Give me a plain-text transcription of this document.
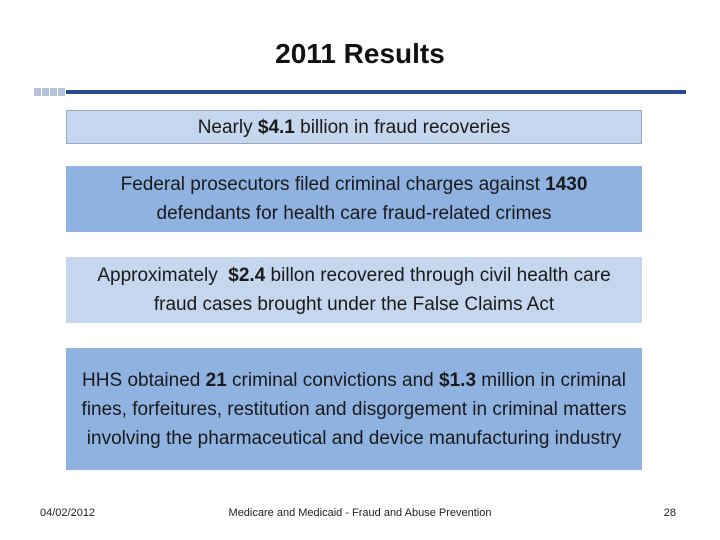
2011 Results
Nearly $4.1 billion in fraud recoveries
Federal prosecutors filed criminal charges against 1430 defendants for health care fraud-related crimes
Approximately  $2.4 billon recovered through civil health care fraud cases brought under the False Claims Act
HHS obtained 21 criminal convictions and $1.3 million in criminal fines, forfeitures, restitution and disgorgement in criminal matters involving the pharmaceutical and device manufacturing industry
04/02/2012	Medicare and Medicaid - Fraud and Abuse Prevention	28
